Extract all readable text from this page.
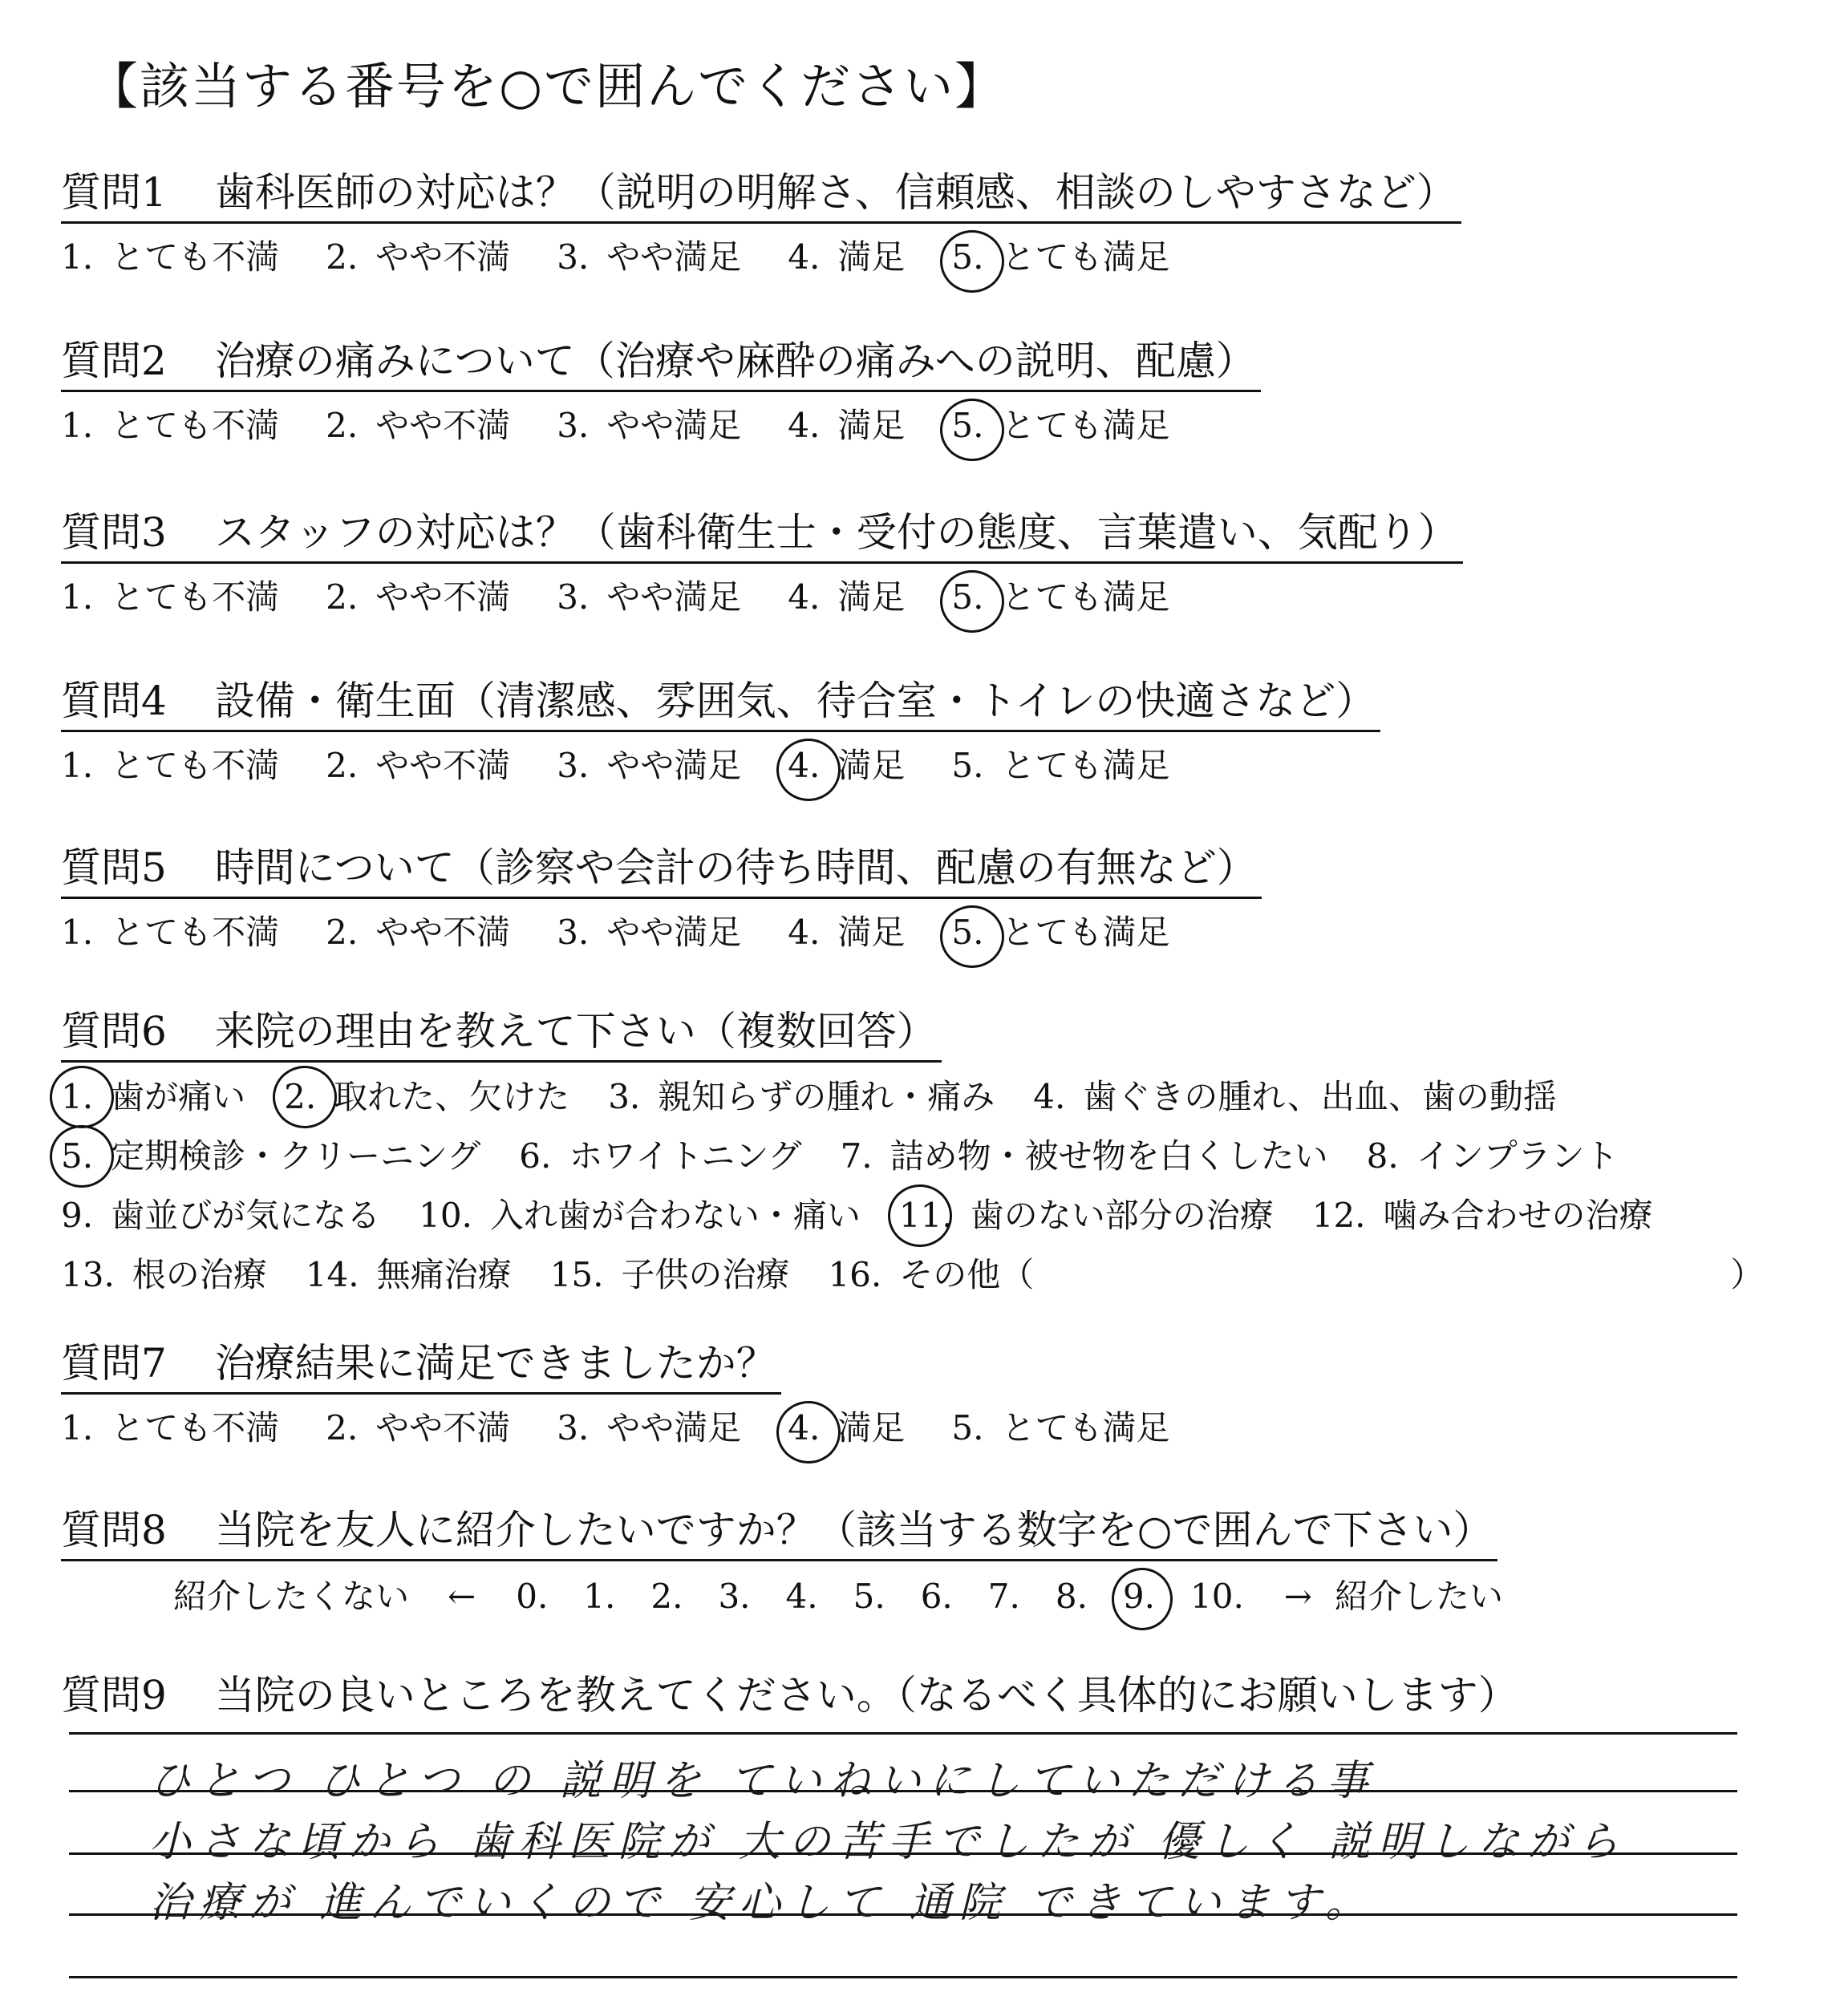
【該当する番号を○で囲んでください】
質問1 歯科医師の対応は？（説明の明解さ、信頼感、相談のしやすさなど）
1. とても不満 2. やや不満 3. やや満足 4. 満足 5. とても満足
質問2 治療の痛みについて（治療や麻酔の痛みへの説明、配慮）
1. とても不満 2. やや不満 3. やや満足 4. 満足 5. とても満足
質問3 スタッフの対応は？（歯科衛生士・受付の態度、言葉遣い、気配り）
1. とても不満 2. やや不満 3. やや満足 4. 満足 5. とても満足
質問4 設備・衛生面（清潔感、雰囲気、待合室・トイレの快適さなど）
1. とても不満 2. やや不満 3. やや満足 4. 満足 5. とても満足
質問5 時間について（診察や会計の待ち時間、配慮の有無など）
1. とても不満 2. やや不満 3. やや満足 4. 満足 5. とても満足
質問6 来院の理由を教えて下さい（複数回答）
1. 歯が痛い 2. 取れた、欠けた 3. 親知らずの腫れ・痛み 4. 歯ぐきの腫れ、出血、歯の動揺
5. 定期検診・クリーニング 6. ホワイトニング 7. 詰め物・被せ物を白くしたい 8. インプラント
9. 歯並びが気になる 10. 入れ歯が合わない・痛い 11. 歯のない部分の治療 12. 噛み合わせの治療
13. 根の治療 14. 無痛治療 15. 子供の治療 16. その他（	）
質問7 治療結果に満足できましたか？
1. とても不満 2. やや不満 3. やや満足 4. 満足 5. とても満足
質問8 当院を友人に紹介したいですか？（該当する数字を○で囲んで下さい）
紹介したくない ← 0. 1. 2. 3. 4. 5. 6. 7. 8. 9. 10. → 紹介したい
質問9 当院の良いところを教えてください。（なるべく具体的にお願いします）
ひとつ ひとつ の 説明を ていねいにしていただける事
小さな頃から 歯科医院が 大の苦手でしたが 優しく 説明しながら
治療が 進んでいくので 安心して 通院 できています。
